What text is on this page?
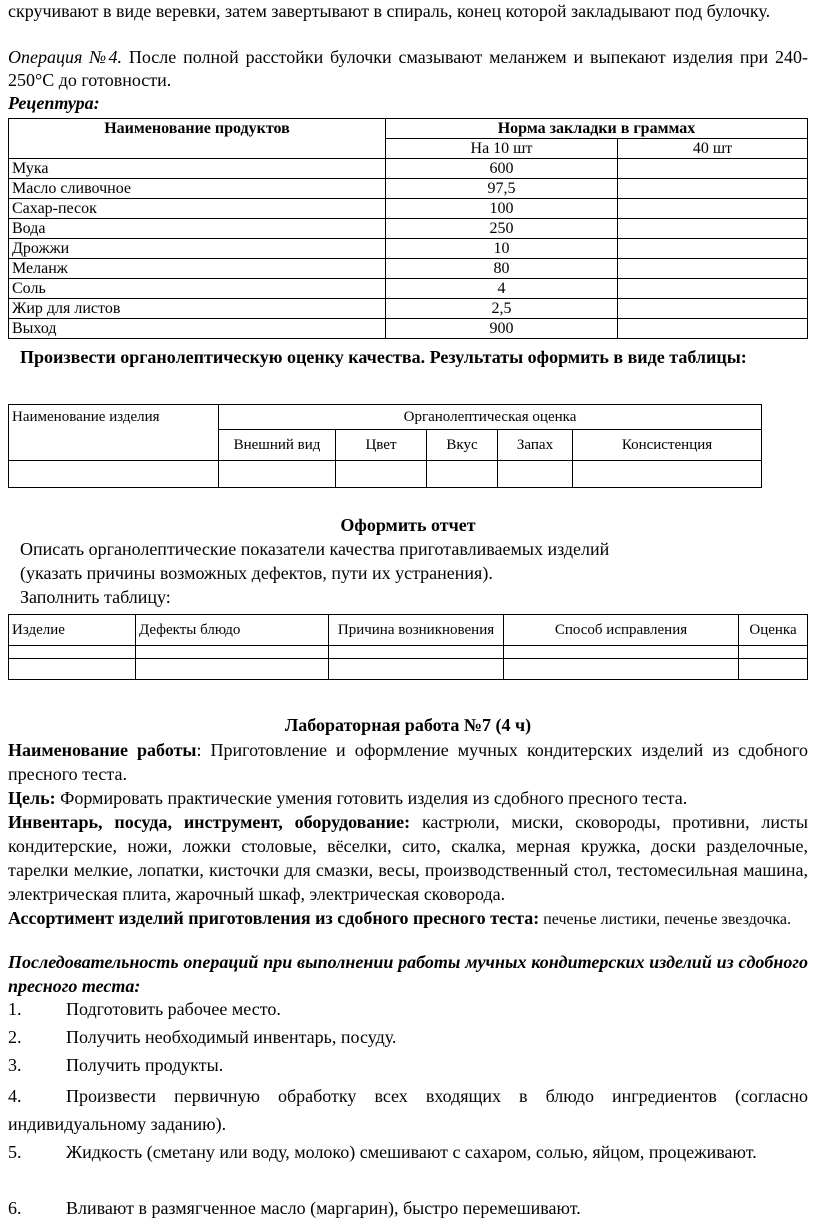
скручивают в виде веревки, затем завертывают в спираль, конец которой закладывают под булочку.

Операция №4. После полной расстойки булочки смазывают меланжем и выпекают изделия при 240-250°С до готовности.

Рецептура:

Наименование продуктов	Норма закладки в граммах	
	На 10 шт	40 шт
Мука	600	
Масло сливочное	97,5	
Сахар-песок	100	
Вода	250	
Дрожжи	10	
Меланж	80	
Соль	4	
Жир для листов	2,5	
Выход	900	

Произвести органолептическую оценку качества. Результаты оформить в виде таблицы:

Наименование изделия	Органолептическая оценка				
	Внешний вид	Цвет	Вкус	Запах	Консистенция

Оформить отчет

Описать органолептические показатели качества приготавливаемых изделий

(указать причины возможных дефектов, пути их устранения).

Заполнить таблицу:

Изделие	Дефекты блюдо	Причина возникновения	Способ исправления	Оценка

Лабораторная работа №7 (4 ч)

Наименование работы: Приготовление и оформление мучных кондитерских изделий из сдобного пресного теста.

Цель: Формировать практические умения готовить изделия из сдобного пресного теста.

Инвентарь, посуда, инструмент, оборудование: кастрюли, миски, сковороды, противни, листы кондитерские, ножи, ложки столовые, вёселки, сито, скалка, мерная кружка, доски разделочные, тарелки мелкие, лопатки, кисточки для смазки, весы, производственный стол, тестомесильная машина, электрическая плита, жарочный шкаф, электрическая сковорода.

Ассортимент изделий приготовления из сдобного пресного теста: печенье листики, печенье звездочка.

Последовательность операций при выполнении работы мучных кондитерских изделий из сдобного пресного теста:

1.	Подготовить рабочее место.
2.	Получить необходимый инвентарь, посуду.
3.	Получить продукты.
4.	Произвести первичную обработку всех входящих в блюдо ингредиентов (согласно индивидуальному заданию).

5.	Жидкость (сметану или воду, молоко) смешивают с сахаром, солью, яйцом, процеживают.

6.	Вливают в размягченное масло (маргарин), быстро перемешивают.
